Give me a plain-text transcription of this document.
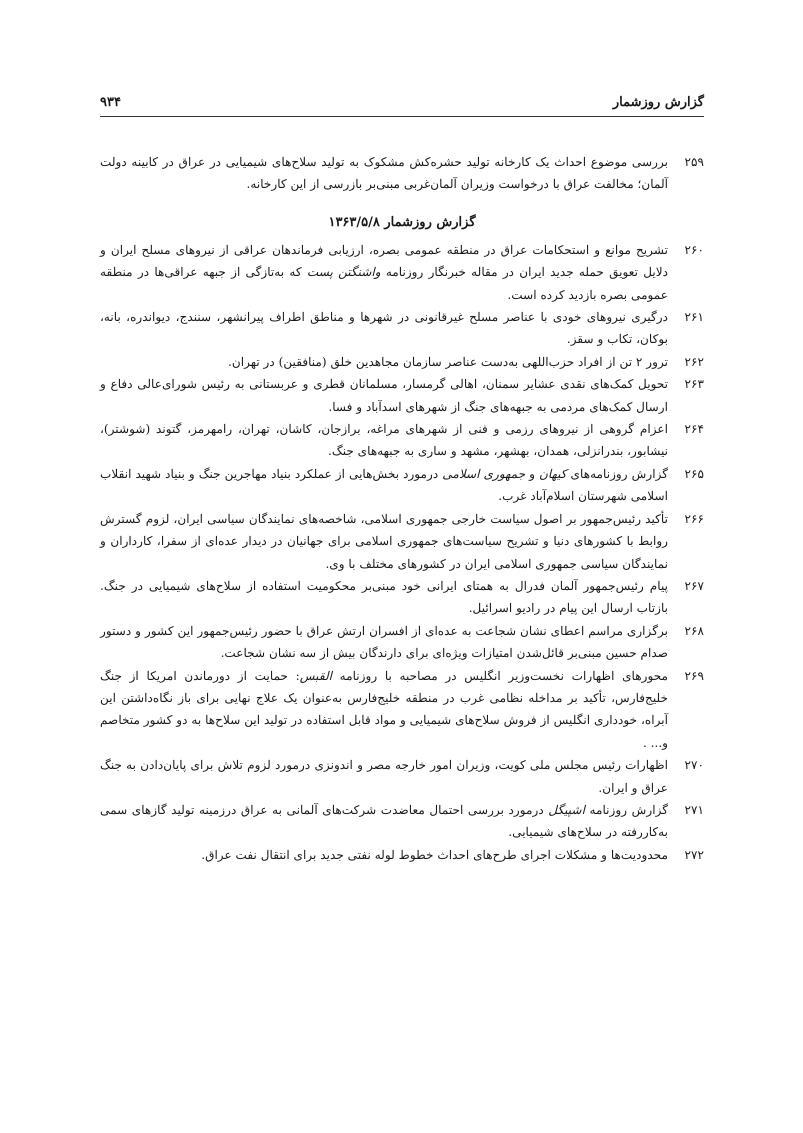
گزارش روزشمار
۹۳۴
۲۵۹
بررسی موضوع احداث یک کارخانه تولید حشره‌کش مشکوک به تولید سلاح‌های شیمیایی در عراق در کابینه دولت آلمان؛ مخالفت عراق با درخواست وزیران آلمان‌غربی مبنی‌بر بازرسی از این کارخانه.
گزارش روزشمار ۱۳۶۳/۵/۸
۲۶۰
تشریح موانع و استحکامات عراق در منطقه عمومی بصره، ارزیابی فرماندهان عراقی از نیروهای مسلح ایران و دلایل تعویق حمله جدید ایران در مقاله خبرنگار روزنامه واشنگتن پست که به‌تازگی از جبهه عراقی‌ها در منطقه عمومی بصره بازدید کرده است.
۲۶۱
درگیری نیروهای خودی با عناصر مسلح غیرقانونی در شهرها و مناطق اطراف پیرانشهر، سنندج، دیواندره، بانه، بوکان، تکاب و سقز.
۲۶۲
ترور ۲ تن از افراد حزب‌اللهی به‌دست عناصر سازمان مجاهدین خلق (منافقین) در تهران.
۲۶۳
تحویل کمک‌های نقدی عشایر سمنان، اهالی گرمسار، مسلمانان قطری و عربستانی به رئیس شورای‌عالی دفاع و ارسال کمک‌های مردمی به جبهه‌های جنگ از شهرهای اسدآباد و فسا.
۲۶۴
اعزام گروهی از نیروهای رزمی و فنی از شهرهای مراغه، برازجان، کاشان، تهران، رامهرمز، گتوند (شوشتر)، نیشابور، بندرانزلی، همدان، بهشهر، مشهد و ساری به جبهه‌های جنگ.
۲۶۵
گزارش روزنامه‌های کیهان و جمهوری اسلامی درمورد بخش‌هایی از عملکرد بنیاد مهاجرین جنگ و بنیاد شهید انقلاب اسلامی شهرستان اسلام‌آباد غرب.
۲۶۶
تأکید رئیس‌جمهور بر اصول سیاست خارجی جمهوری اسلامی، شاخصه‌های نمایندگان سیاسی ایران، لزوم گسترش روابط با کشورهای دنیا و تشریح سیاست‌های جمهوری اسلامی برای جهانیان در دیدار عده‌ای از سفرا، کارداران و نمایندگان سیاسی جمهوری اسلامی ایران در کشورهای مختلف با وی.
۲۶۷
پیام رئیس‌جمهور آلمان فدرال به همتای ایرانی خود مبنی‌بر محکومیت استفاده از سلاح‌های شیمیایی در جنگ. بازتاب ارسال این پیام در رادیو اسرائیل.
۲۶۸
برگزاری مراسم اعطای نشان شجاعت به عده‌ای از افسران ارتش عراق با حضور رئیس‌جمهور این کشور و دستور صدام حسین مبنی‌بر قائل‌شدن امتیازات ویژه‌ای برای دارندگان بیش از سه نشان شجاعت.
۲۶۹
محورهای اظهارات نخست‌وزیر انگلیس در مصاحبه با روزنامه القبس: حمایت از دورماندن امریکا از جنگ خلیج‌فارس، تأکید بر مداخله نظامی غرب در منطقه خلیج‌فارس به‌عنوان یک علاج نهایی برای باز نگاه‌داشتن این آبراه، خودداری انگلیس از فروش سلاح‌های شیمیایی و مواد قابل استفاده در تولید این سلاح‌ها به دو کشور متخاصم و... .
۲۷۰
اظهارات رئیس مجلس ملی کویت، وزیران امور خارجه مصر و اندونزی درمورد لزوم تلاش برای پایان‌دادن به جنگ عراق و ایران.
۲۷۱
گزارش روزنامه اشپیگل درمورد بررسی احتمال معاضدت شرکت‌های آلمانی به عراق درزمینه تولید گازهای سمی به‌کاررفته در سلاح‌های شیمیایی.
۲۷۲
محدودیت‌ها و مشکلات اجرای طرح‌های احداث خطوط لوله نفتی جدید برای انتقال نفت عراق.
